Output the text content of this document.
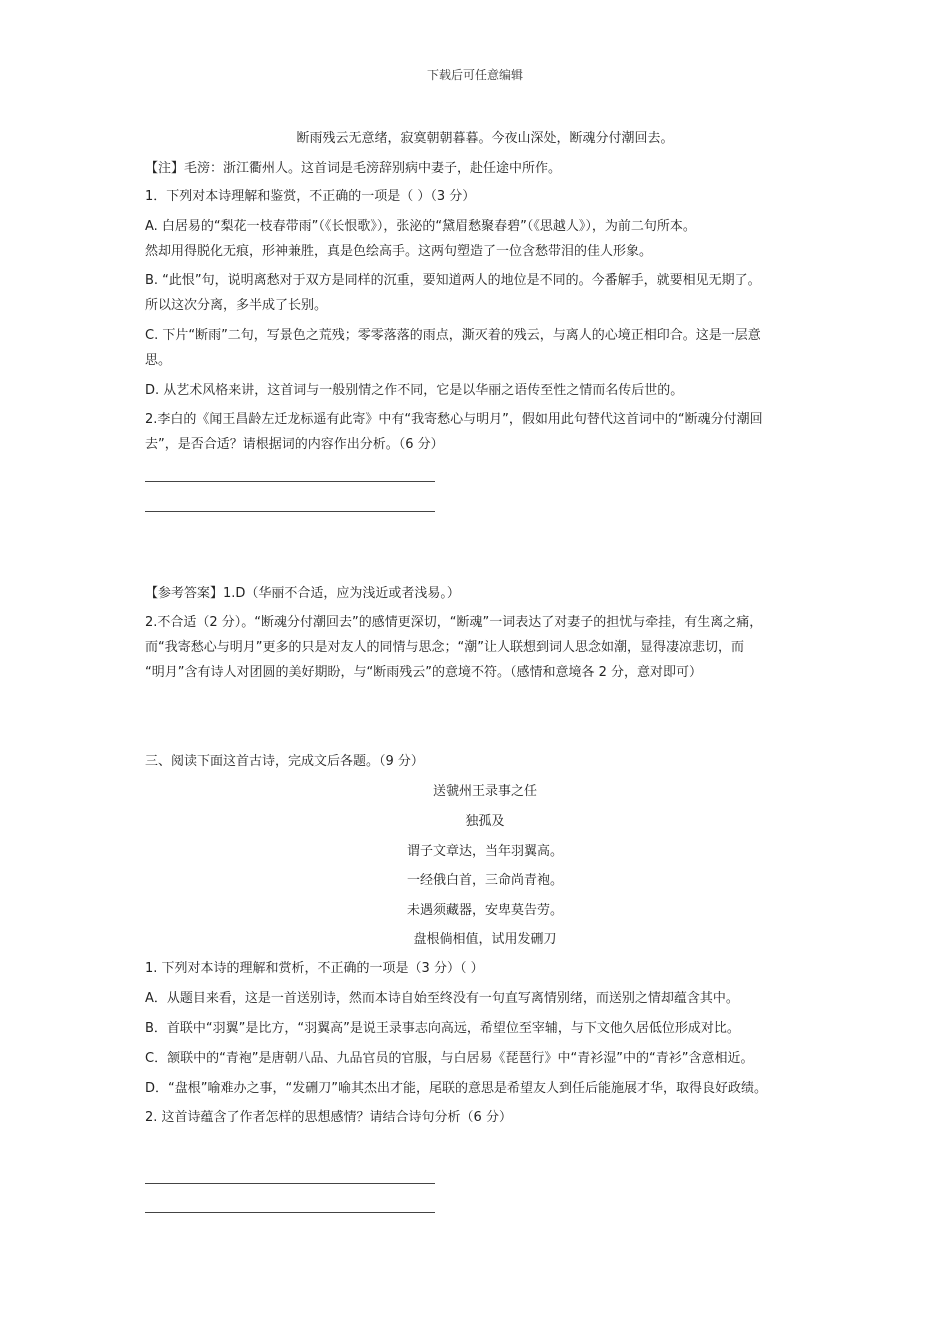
下载后可任意编辑
断雨残云无意绪，寂寞朝朝暮暮。今夜山深处，断魂分付潮回去。
【注】毛滂：浙江衢州人。这首词是毛滂辞别病中妻子，赴任途中所作。
1．下列对本诗理解和鉴赏，不正确的一项是（ ）（3 分）
A. 白居易的“梨花一枝春带雨”（《长恨歌》），张泌的“黛眉愁聚春碧”（《思越人》），为前二句所本。
然却用得脱化无痕，形神兼胜，真是色绘高手。这两句塑造了一位含愁带泪的佳人形象。
B. “此恨”句，说明离愁对于双方是同样的沉重，要知道两人的地位是不同的。今番解手，就要相见无期了。
所以这次分离，多半成了长别。
C. 下片“断雨”二句，写景色之荒残；零零落落的雨点，澌灭着的残云，与离人的心境正相印合。这是一层意
思。
D. 从艺术风格来讲，这首词与一般别情之作不同，它是以华丽之语传至性之情而名传后世的。
2.李白的《闻王昌龄左迁龙标遥有此寄》中有“我寄愁心与明月”，假如用此句替代这首词中的“断魂分付潮回
去”，是否合适？请根据词的内容作出分析。（6 分）
【参考答案】1.D（华丽不合适，应为浅近或者浅易。）
2.不合适（2 分）。“断魂分付潮回去”的感情更深切，“断魂”一词表达了对妻子的担忧与牵挂，有生离之痛，
而“我寄愁心与明月”更多的只是对友人的同情与思念；“潮”让人联想到词人思念如潮，显得凄凉悲切，而
“明月”含有诗人对团圆的美好期盼，与“断雨残云”的意境不符。（感情和意境各 2 分，意对即可）
三、阅读下面这首古诗，完成文后各题。（9 分）
送虢州王录事之任
独孤及
谓子文章达，当年羽翼高。
一经俄白首，三命尚青袍。
未遇须藏器，安卑莫告劳。
盘根倘相值，试用发硎刀
1. 下列对本诗的理解和赏析，不正确的一项是（3 分）（ ）
A．从题目来看，这是一首送别诗，然而本诗自始至终没有一句直写离情别绪，而送别之情却蕴含其中。
B．首联中“羽翼”是比方，“羽翼高”是说王录事志向高远，希望位至宰辅，与下文他久居低位形成对比。
C．颔联中的“青袍”是唐朝八品、九品官员的官服，与白居易《琵琶行》中“青衫湿”中的“青衫”含意相近。
D．“盘根”喻难办之事，“发硎刀”喻其杰出才能，尾联的意思是希望友人到任后能施展才华，取得良好政绩。
2. 这首诗蕴含了作者怎样的思想感情？请结合诗句分析（6 分）
